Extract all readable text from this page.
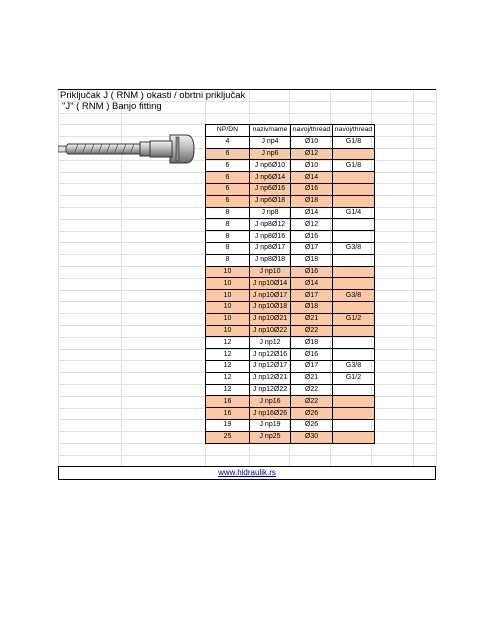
Priključak J ( RNM ) okasti / obrtni priključak
"J" ( RNM ) Banjo fitting
NP/DN	naziv/name	navoj/thread	navoj/thread
4	J np4	Ø10	G1/8
6	J np6	Ø12	
6	J np6Ø10	Ø10	G1/8
6	J np6Ø14	Ø14	
6	J np6Ø16	Ø16	
6	J np6Ø18	Ø18	
8	J np8	Ø14	G1/4
8	J np8Ø12	Ø12	
8	J np8Ø16	Ø16	
8	J np8Ø17	Ø17	G3/8
8	J np8Ø18	Ø18	
10	J np10	Ø16	
10	J np10Ø14	Ø14	
10	J np10Ø17	Ø17	G3/8
10	J np10Ø18	Ø18	
10	J np10Ø21	Ø21	G1/2
10	J np10Ø22	Ø22	
12	J np12	Ø18	
12	J np12Ø16	Ø16	
12	J np12Ø17	Ø17	G3/8
12	J np12Ø21	Ø21	G1/2
12	J np12Ø22	Ø22	
16	J np16	Ø22	
16	J np16Ø26	Ø26	
19	J np19	Ø26	
25	J np25	Ø30	
www.hidraulik.rs
